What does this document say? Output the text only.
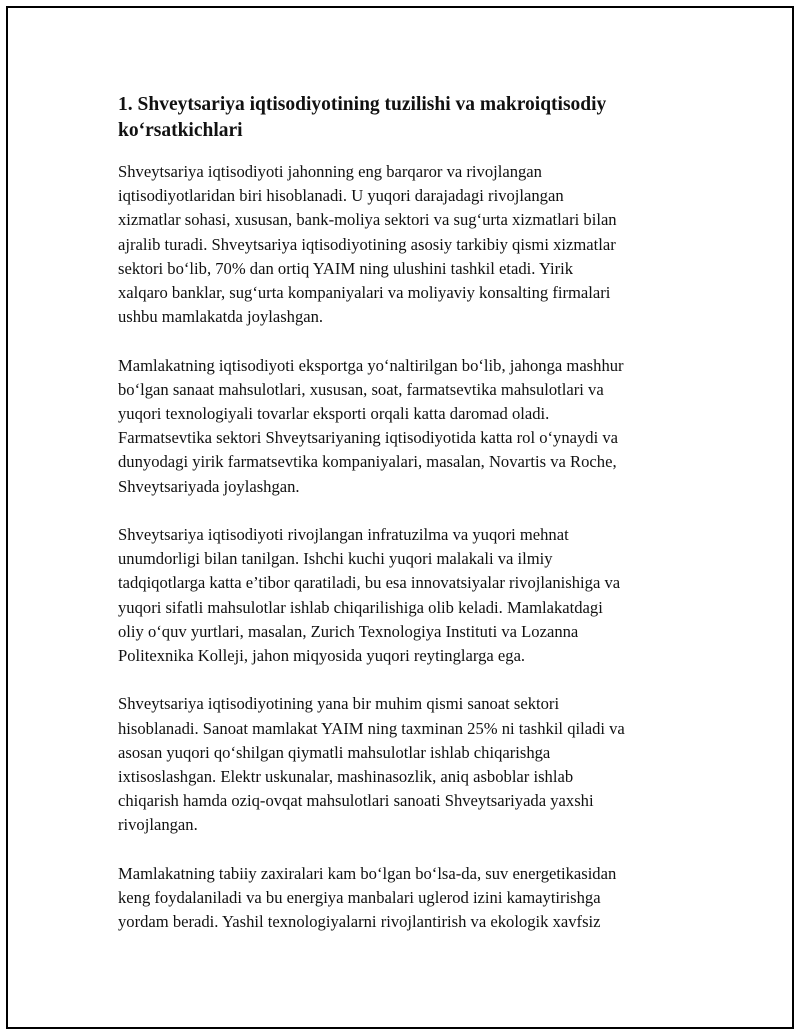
1. Shveytsariya iqtisodiyotining tuzilishi va makroiqtisodiy
ko‘rsatkichlari
Shveytsariya iqtisodiyoti jahonning eng barqaror va rivojlangan
iqtisodiyotlaridan biri hisoblanadi. U yuqori darajadagi rivojlangan
xizmatlar sohasi, xususan, bank-moliya sektori va sug‘urta xizmatlari bilan
ajralib turadi. Shveytsariya iqtisodiyotining asosiy tarkibiy qismi xizmatlar
sektori bo‘lib, 70% dan ortiq YAIM ning ulushini tashkil etadi. Yirik
xalqaro banklar, sug‘urta kompaniyalari va moliyaviy konsalting firmalari
ushbu mamlakatda joylashgan.
Mamlakatning iqtisodiyoti eksportga yo‘naltirilgan bo‘lib, jahonga mashhur
bo‘lgan sanaat mahsulotlari, xususan, soat, farmatsevtika mahsulotlari va
yuqori texnologiyali tovarlar eksporti orqali katta daromad oladi.
Farmatsevtika sektori Shveytsariyaning iqtisodiyotida katta rol o‘ynaydi va
dunyodagi yirik farmatsevtika kompaniyalari, masalan, Novartis va Roche,
Shveytsariyada joylashgan.
Shveytsariya iqtisodiyoti rivojlangan infratuzilma va yuqori mehnat
unumdorligi bilan tanilgan. Ishchi kuchi yuqori malakali va ilmiy
tadqiqotlarga katta e’tibor qaratiladi, bu esa innovatsiyalar rivojlanishiga va
yuqori sifatli mahsulotlar ishlab chiqarilishiga olib keladi. Mamlakatdagi
oliy o‘quv yurtlari, masalan, Zurich Texnologiya Instituti va Lozanna
Politexnika Kolleji, jahon miqyosida yuqori reytinglarga ega.
Shveytsariya iqtisodiyotining yana bir muhim qismi sanoat sektori
hisoblanadi. Sanoat mamlakat YAIM ning taxminan 25% ni tashkil qiladi va
asosan yuqori qo‘shilgan qiymatli mahsulotlar ishlab chiqarishga
ixtisoslashgan. Elektr uskunalar, mashinasozlik, aniq asboblar ishlab
chiqarish hamda oziq-ovqat mahsulotlari sanoati Shveytsariyada yaxshi
rivojlangan.
Mamlakatning tabiiy zaxiralari kam bo‘lgan bo‘lsa-da, suv energetikasidan
keng foydalaniladi va bu energiya manbalari uglerod izini kamaytirishga
yordam beradi. Yashil texnologiyalarni rivojlantirish va ekologik xavfsiz
